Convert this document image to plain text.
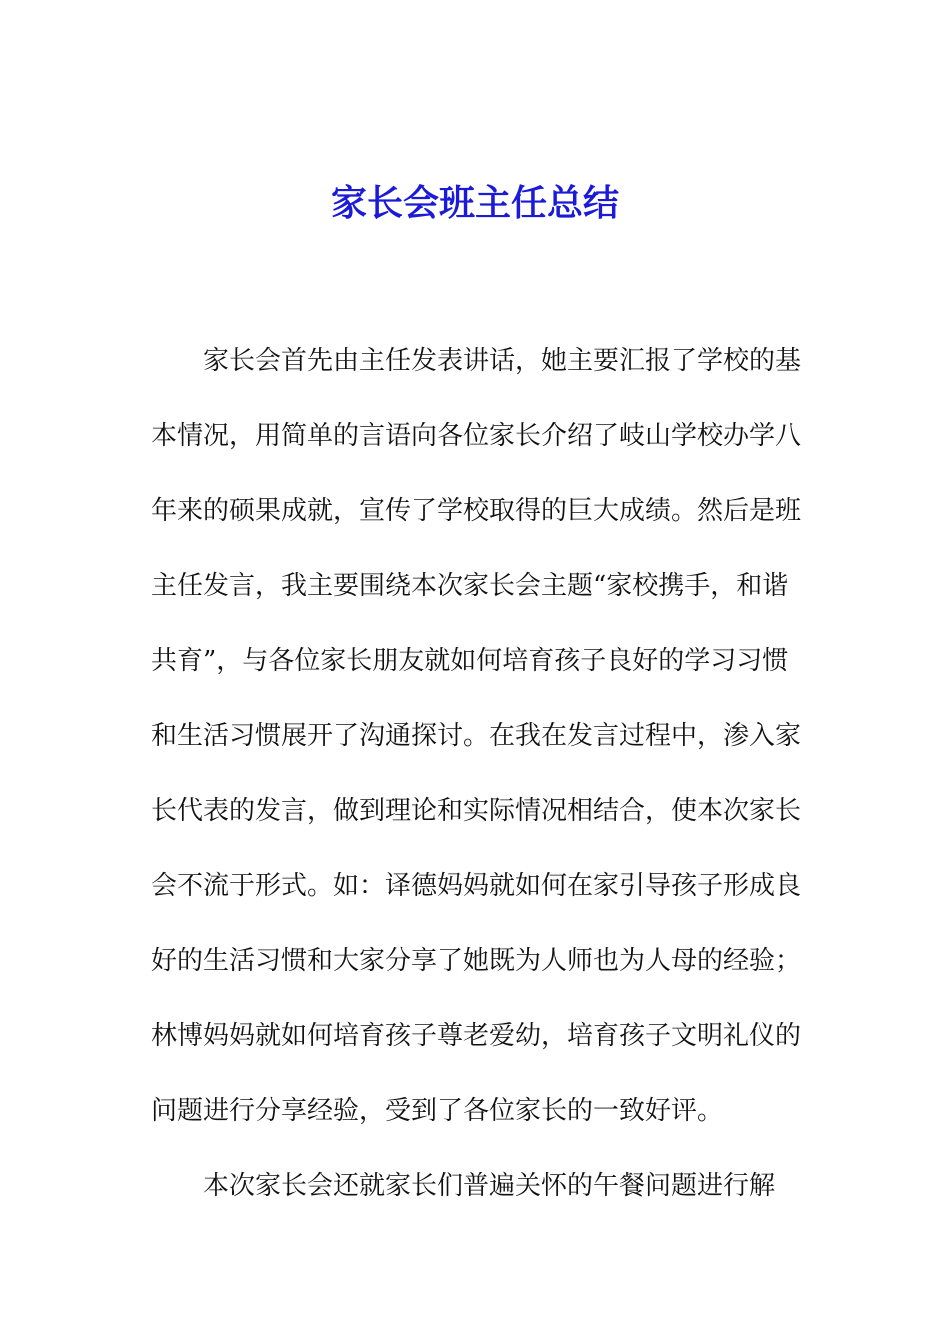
家长会班主任总结
家长会首先由主任发表讲话，她主要汇报了学校的基
本情况，用简单的言语向各位家长介绍了岐山学校办学八
年来的硕果成就，宣传了学校取得的巨大成绩。然后是班
主任发言，我主要围绕本次家长会主题“家校携手，和谐
共育”，与各位家长朋友就如何培育孩子良好的学习习惯
和生活习惯展开了沟通探讨。在我在发言过程中，渗入家
长代表的发言，做到理论和实际情况相结合，使本次家长
会不流于形式。如：译德妈妈就如何在家引导孩子形成良
好的生活习惯和大家分享了她既为人师也为人母的经验；
林博妈妈就如何培育孩子尊老爱幼，培育孩子文明礼仪的
问题进行分享经验，受到了各位家长的一致好评。
本次家长会还就家长们普遍关怀的午餐问题进行解
